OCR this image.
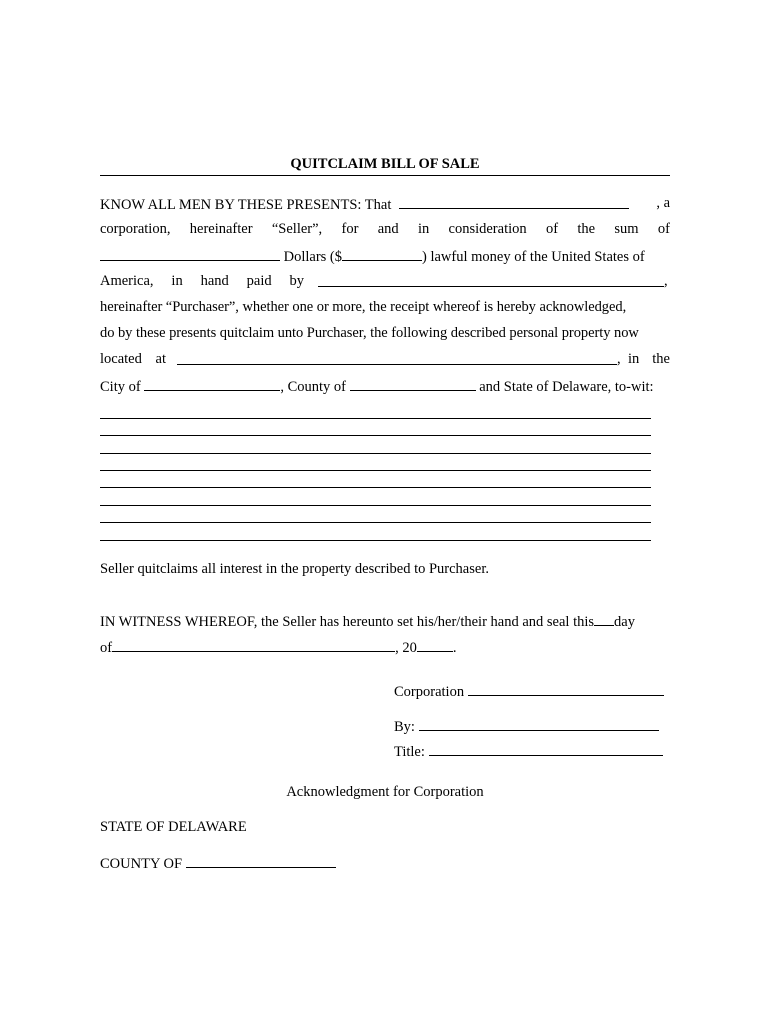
QUITCLAIM BILL OF SALE
KNOW ALL MEN BY THESE PRESENTS: That	, a
corporation, hereinafter “Seller”, for and in consideration of the sum of
Dollars ($	) lawful money of the United States of
America, in hand paid by	,
hereinafter “Purchaser”, whether one or more, the receipt whereof is hereby acknowledged,
do by these presents quitclaim unto Purchaser, the following described personal property now
located at	, in the
City of	, County of	and State of Delaware, to-wit:
Seller quitclaims all interest in the property described to Purchaser.
IN WITNESS WHEREOF, the Seller has hereunto set his/her/their hand and seal this day
of	, 20 .
Corporation
By:
Title:
Acknowledgment for Corporation
STATE OF DELAWARE
COUNTY OF
